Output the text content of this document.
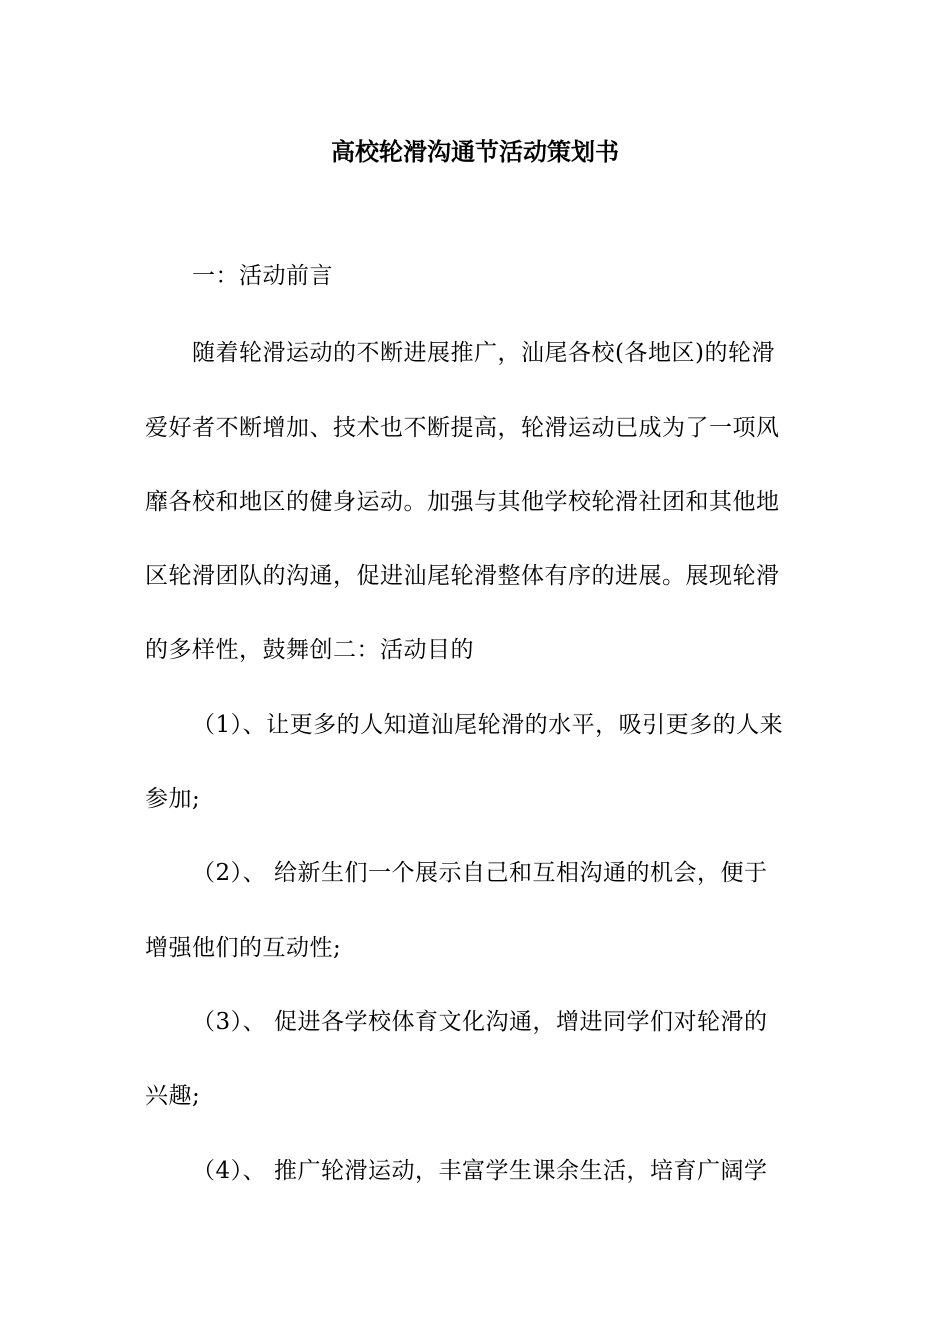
高校轮滑沟通节活动策划书
一：活动前言
随着轮滑运动的不断进展推广，汕尾各校(各地区)的轮滑
爱好者不断增加、技术也不断提高，轮滑运动已成为了一项风
靡各校和地区的健身运动。加强与其他学校轮滑社团和其他地
区轮滑团队的沟通，促进汕尾轮滑整体有序的进展。展现轮滑
的多样性，鼓舞创二：活动目的
（1）、让更多的人知道汕尾轮滑的水平，吸引更多的人来
参加;
（2）、 给新生们一个展示自己和互相沟通的机会，便于
增强他们的互动性;
（3）、 促进各学校体育文化沟通，增进同学们对轮滑的
兴趣;
（4）、 推广轮滑运动，丰富学生课余生活，培育广阔学
